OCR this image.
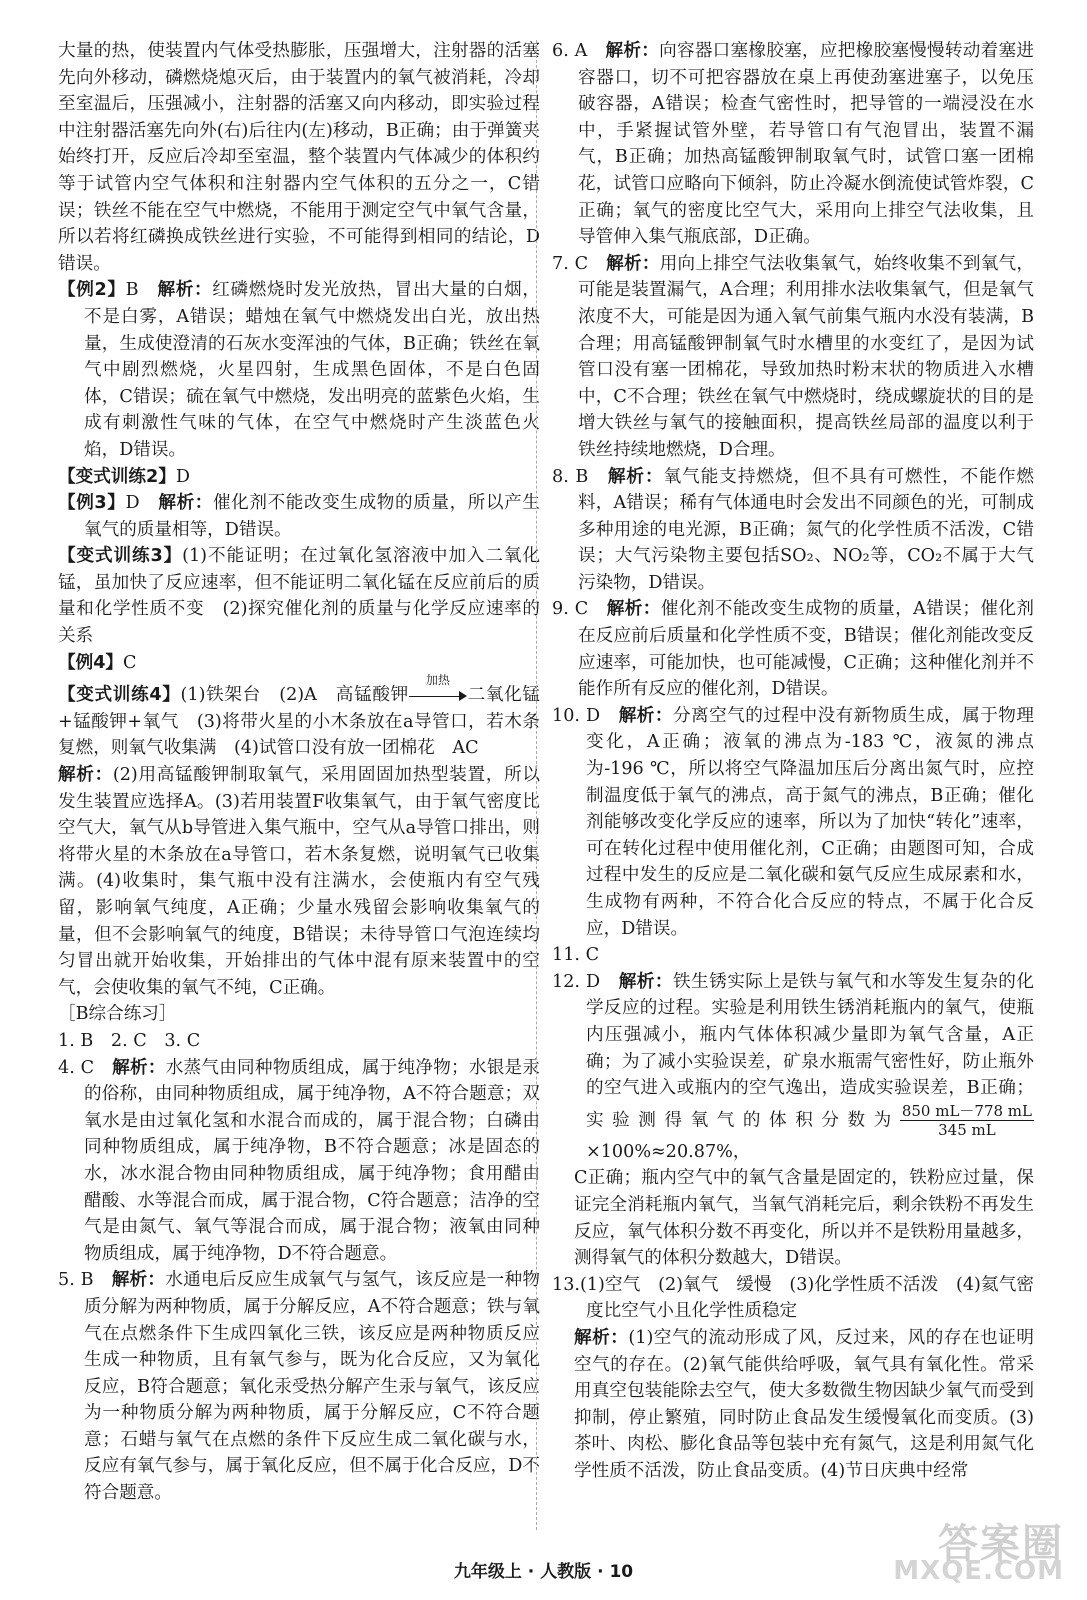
大量的热，使装置内气体受热膨胀，压强增大，注射器的活塞先向外移动，磷燃烧熄灭后，由于装置内的氧气被消耗，冷却至室温后，压强减小，注射器的活塞又向内移动，即实验过程中注射器活塞先向外(右)后往内(左)移动，B正确；由于弹簧夹始终打开，反应后冷却至室温，整个装置内气体减少的体积约等于试管内空气体积和注射器内空气体积的五分之一，C错误；铁丝不能在空气中燃烧，不能用于测定空气中氧气含量，所以若将红磷换成铁丝进行实验，不可能得到相同的结论，D错误。

【例2】B　 解析：红磷燃烧时发光放热，冒出大量的白烟，不是白雾，A错误；蜡烛在氧气中燃烧发出白光，放出热量，生成使澄清的石灰水变浑浊的气体，B正确；铁丝在氧气中剧烈燃烧，火星四射，生成黑色固体，不是白色固体，C错误；硫在氧气中燃烧，发出明亮的蓝紫色火焰，生成有刺激性气味的气体，在空气中燃烧时产生淡蓝色火焰，D错误。

【变式训练2】D

【例3】D　 解析：催化剂不能改变生成物的质量，所以产生氧气的质量相等，D错误。

【变式训练3】(1)不能证明；在过氧化氢溶液中加入二氧化锰，虽加快了反应速率，但不能证明二氧化锰在反应前后的质量和化学性质不变　(2)探究催化剂的质量与化学反应速率的关系

【例4】C

【变式训练4】(1)铁架台　(2)A　高锰酸钾
加热
二氧化锰+锰酸钾+氧气　(3)将带火星的小木条放在a导管口，若木条复燃，则氧气收集满　(4)试管口没有放一团棉花　AC

解析：(2)用高锰酸钾制取氧气，采用固固加热型装置，所以发生装置应选择A。(3)若用装置F收集氧气，由于氧气密度比空气大，氧气从b导管进入集气瓶中，空气从a导管口排出，则将带火星的木条放在a导管口，若木条复燃，说明氧气已收集满。(4)收集时，集气瓶中没有注满水，会使瓶内有空气残留，影响氧气纯度，A正确；少量水残留会影响收集氧气的量，但不会影响氧气的纯度，B错误；未待导管口气泡连续均匀冒出就开始收集，开始排出的气体中混有原来装置中的空气，会使收集的氧气不纯，C正确。

［B综合练习］

1. B　2. C　3. C

4. C　 解析：水蒸气由同种物质组成，属于纯净物；水银是汞的俗称，由同种物质组成，属于纯净物，A不符合题意；双氧水是由过氧化氢和水混合而成的，属于混合物；白磷由同种物质组成，属于纯净物，B不符合题意；冰是固态的水，冰水混合物由同种物质组成，属于纯净物；食用醋由醋酸、水等混合而成，属于混合物，C符合题意；洁净的空气是由氮气、氧气等混合而成，属于混合物；液氧由同种物质组成，属于纯净物，D不符合题意。

5. B　 解析：水通电后反应生成氧气与氢气，该反应是一种物质分解为两种物质，属于分解反应，A不符合题意；铁与氧气在点燃条件下生成四氧化三铁，该反应是两种物质反应生成一种物质，且有氧气参与，既为化合反应，又为氧化反应，B符合题意；氧化汞受热分解产生汞与氧气，该反应为一种物质分解为两种物质，属于分解反应，C不符合题意；石蜡与氧气在点燃的条件下反应生成二氧化碳与水，反应有氧气参与，属于氧化反应，但不属于化合反应，D不符合题意。

6. A　 解析：向容器口塞橡胶塞，应把橡胶塞慢慢转动着塞进容器口，切不可把容器放在桌上再使劲塞进塞子，以免压破容器，A错误；检查气密性时，把导管的一端浸没在水中，手紧握试管外壁，若导管口有气泡冒出，装置不漏气，B正确；加热高锰酸钾制取氧气时，试管口塞一团棉花，试管口应略向下倾斜，防止冷凝水倒流使试管炸裂，C正确；氧气的密度比空气大，采用向上排空气法收集，且导管伸入集气瓶底部，D正确。

7. C　 解析：用向上排空气法收集氧气，始终收集不到氧气，可能是装置漏气，A合理；利用排水法收集氧气，但是氧气浓度不大，可能是因为通入氧气前集气瓶内水没有装满，B合理；用高锰酸钾制氧气时水槽里的水变红了，是因为试管口没有塞一团棉花，导致加热时粉末状的物质进入水槽中，C不合理；铁丝在氧气中燃烧时，绕成螺旋状的目的是增大铁丝与氧气的接触面积，提高铁丝局部的温度以利于铁丝持续地燃烧，D合理。

8. B　 解析：氧气能支持燃烧，但不具有可燃性，不能作燃料，A错误；稀有气体通电时会发出不同颜色的光，可制成多种用途的电光源，B正确；氮气的化学性质不活泼，C错误；大气污染物主要包括SO₂、NO₂等，CO₂不属于大气污染物，D错误。

9. C　 解析：催化剂不能改变生成物的质量，A错误；催化剂在反应前后质量和化学性质不变，B错误；催化剂能改变反应速率，可能加快，也可能减慢，C正确；这种催化剂并不能作所有反应的催化剂，D错误。

10. D　 解析：分离空气的过程中没有新物质生成，属于物理变化，A正确；液氧的沸点为-183 ℃，液氮的沸点为-196 ℃，所以将空气降温加压后分离出氮气时，应控制温度低于氧气的沸点，高于氮气的沸点，B正确；催化剂能够改变化学反应的速率，所以为了加快“转化”速率，可在转化过程中使用催化剂，C正确；由题图可知，合成过程中发生的反应是二氧化碳和氨气反应生成尿素和水，生成物有两种，不符合化合反应的特点，不属于化合反应，D错误。

11. C

12. D　 解析：铁生锈实际上是铁与氧气和水等发生复杂的化学反应的过程。实验是利用铁生锈消耗瓶内的氧气，使瓶内压强减小，瓶内气体体积减少量即为氧气含量，A正确；为了减小实验误差，矿泉水瓶需气密性好，防止瓶外的空气进入或瓶内的空气逸出，造成实验误差，B正确；实验测得氧气的体积分数为 $\frac{850 mL-778 mL}{345 mL}$
×100%≈20.87%，

C正确；瓶内空气中的氧气含量是固定的，铁粉应过量，保证完全消耗瓶内氧气，当氧气消耗完后，剩余铁粉不再发生反应，氧气体积分数不再变化，所以并不是铁粉用量越多，测得氧气的体积分数越大，D错误。

13.(1)空气　(2)氧气　缓慢　(3)化学性质不活泼　(4)氦气密度比空气小且化学性质稳定

解析：(1)空气的流动形成了风，反过来，风的存在也证明空气的存在。(2)氧气能供给呼吸，氧气具有氧化性。常采用真空包装能除去空气，使大多数微生物因缺少氧气而受到抑制，停止繁殖，同时防止食品发生缓慢氧化而变质。(3)茶叶、肉松、膨化食品等包装中充有氮气，这是利用氮气化学性质不活泼，防止食品变质。(4)节日庆典中经常

九年级上 · 人教版 · 10
答案圈
MXQE.COM
